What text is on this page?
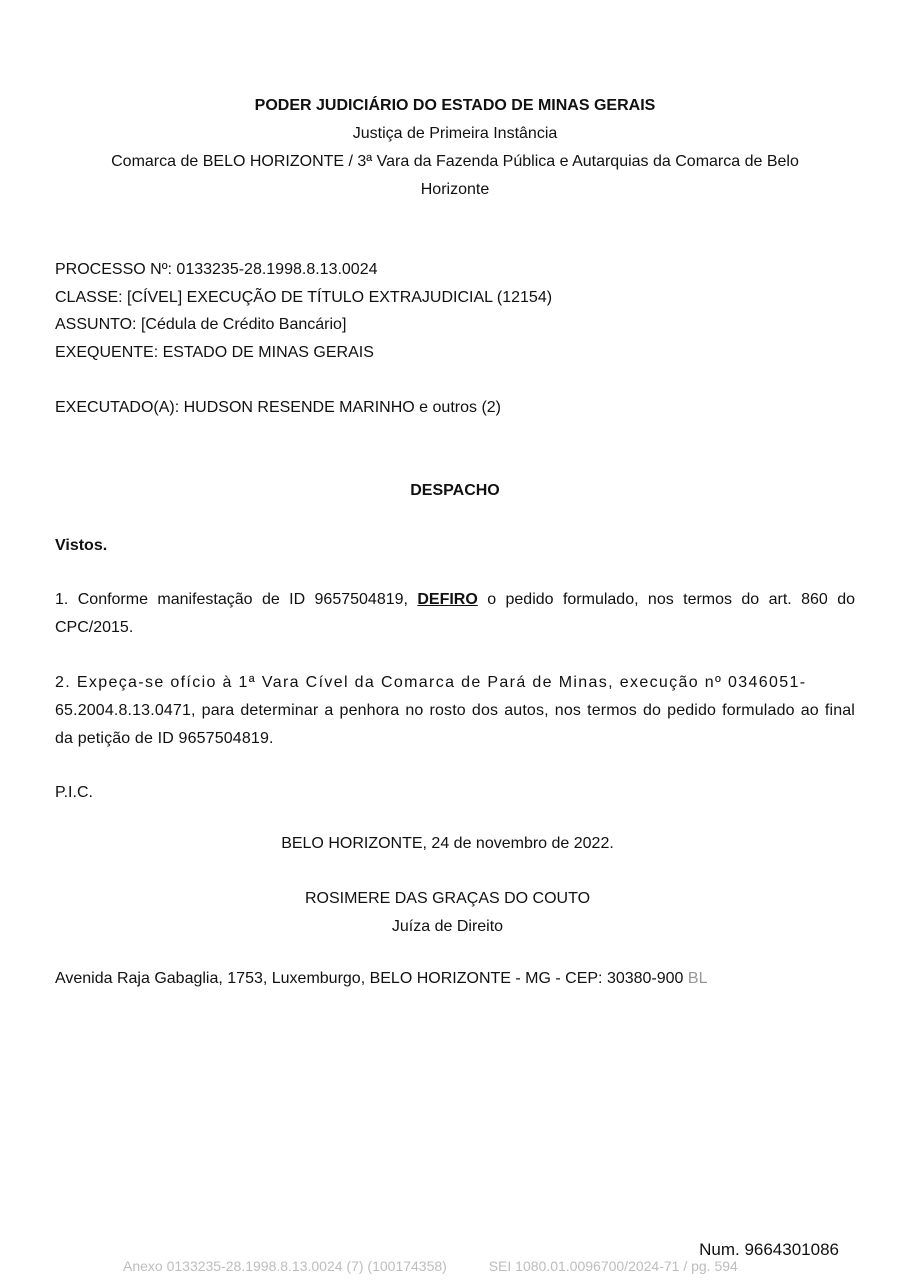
PODER JUDICIÁRIO DO ESTADO DE MINAS GERAIS
Justiça de Primeira Instância
Comarca de BELO HORIZONTE / 3ª Vara da Fazenda Pública e Autarquias da Comarca de Belo
Horizonte
PROCESSO Nº: 0133235-28.1998.8.13.0024
CLASSE: [CÍVEL] EXECUÇÃO DE TÍTULO EXTRAJUDICIAL (12154)
ASSUNTO: [Cédula de Crédito Bancário]
EXEQUENTE: ESTADO DE MINAS GERAIS
EXECUTADO(A): HUDSON RESENDE MARINHO e outros (2)
DESPACHO
Vistos.
1. Conforme manifestação de ID 9657504819, DEFIRO o pedido formulado, nos termos do art. 860 do CPC/2015.
2. Expeça-se ofício à 1ª Vara Cível da Comarca de Pará de Minas, execução nº 0346051-
65.2004.8.13.0471, para determinar a penhora no rosto dos autos, nos termos do pedido formulado ao final da petição de ID 9657504819.
P.I.C.
BELO HORIZONTE, 24 de novembro de 2022.
ROSIMERE DAS GRAÇAS DO COUTO
Juíza de Direito
Avenida Raja Gabaglia, 1753, Luxemburgo, BELO HORIZONTE - MG - CEP: 30380-900 BL
Num. 9664301086
Anexo 0133235-28.1998.8.13.0024 (7) (100174358)	SEI 1080.01.0096700/2024-71 / pg. 594
